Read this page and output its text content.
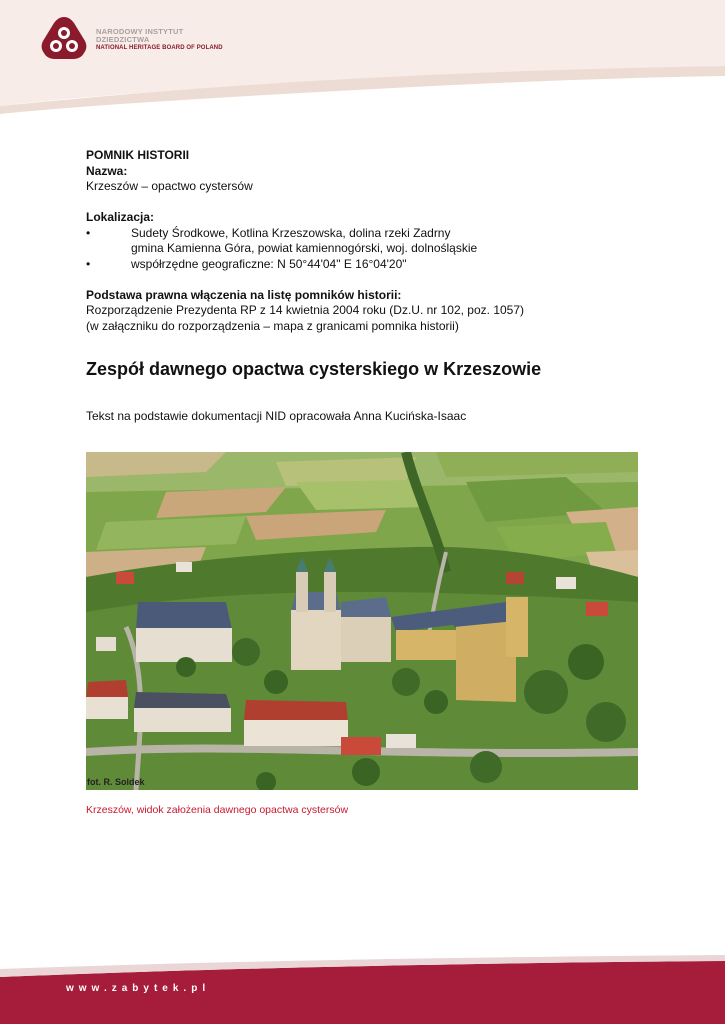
NARODOWY INSTYTUT
DZIEDZICTWA
NATIONAL HERITAGE BOARD OF POLAND
POMNIK HISTORII
Nazwa:
Krzeszów – opactwo cystersów
Lokalizacja:
•	Sudety Środkowe, Kotlina Krzeszowska, dolina rzeki Zadrny
gmina Kamienna Góra, powiat kamiennogórski, woj. dolnośląskie
•	współrzędne geograficzne: N 50°44'04" E 16°04'20"
Podstawa prawna włączenia na listę pomników historii:
Rozporządzenie Prezydenta RP z 14 kwietnia 2004 roku (Dz.U. nr 102, poz. 1057)
(w załączniku do rozporządzenia – mapa z granicami pomnika historii)
Zespół dawnego opactwa cysterskiego w Krzeszowie
Tekst na podstawie dokumentacji NID opracowała Anna Kucińska-Isaac
fot. R. Soldek
Krzeszów, widok założenia dawnego opactwa cystersów
www.zabytek.pl
